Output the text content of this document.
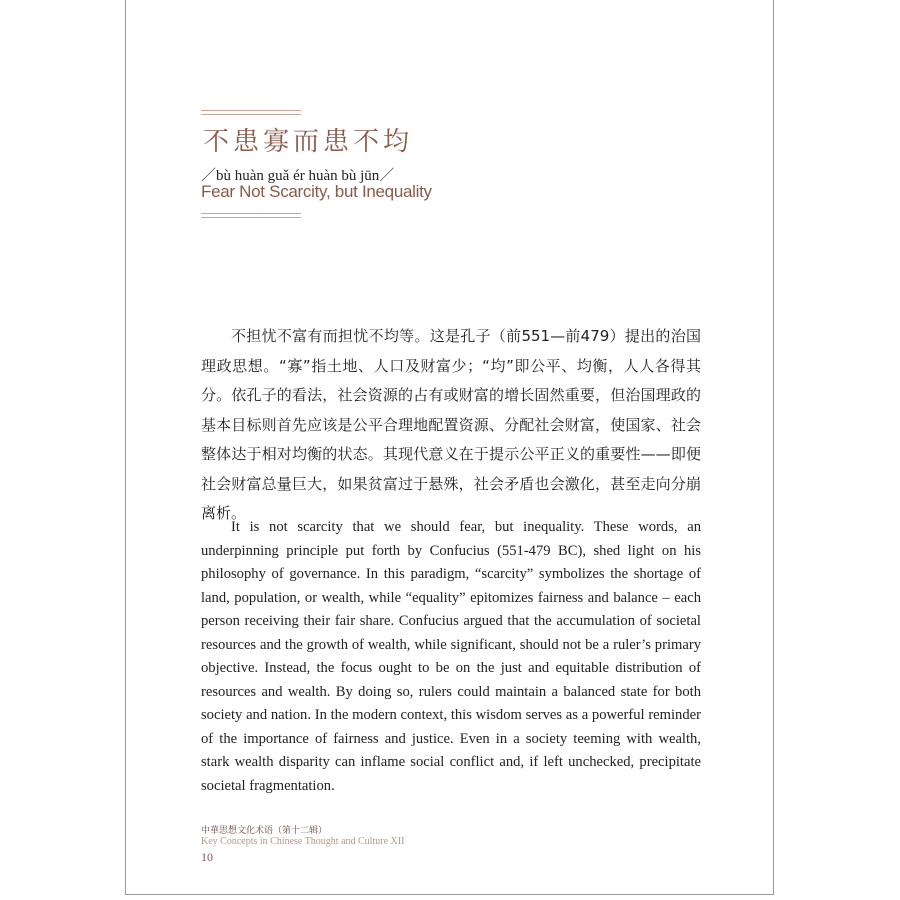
不患寡而患不均
／bù huàn guǎ ér huàn bù jūn／
Fear Not Scarcity, but Inequality

不担忧不富有而担忧不均等。这是孔子（前551—前479）提出的治国理政思想。“寡”指土地、人口及财富少；“均”即公平、均衡，人人各得其分。依孔子的看法，社会资源的占有或财富的增长固然重要，但治国理政的基本目标则首先应该是公平合理地配置资源、分配社会财富，使国家、社会整体达于相对均衡的状态。其现代意义在于提示公平正义的重要性——即便社会财富总量巨大，如果贫富过于悬殊，社会矛盾也会激化，甚至走向分崩离析。

It is not scarcity that we should fear, but inequality. These words, an underpinning principle put forth by Confucius (551-479 BC), shed light on his philosophy of governance. In this paradigm, “scarcity” symbolizes the shortage of land, population, or wealth, while “equality” epitomizes fairness and balance – each person receiving their fair share. Confucius argued that the accumulation of societal resources and the growth of wealth, while significant, should not be a ruler’s primary objective. Instead, the focus ought to be on the just and equitable distribution of resources and wealth. By doing so, rulers could maintain a balanced state for both society and nation. In the modern context, this wisdom serves as a powerful reminder of the importance of fairness and justice. Even in a society teeming with wealth, stark wealth disparity can inflame social conflict and, if left unchecked, precipitate societal fragmentation.

中華思想文化术语（第十二辑）
Key Concepts in Chinese Thought and Culture XII
10
